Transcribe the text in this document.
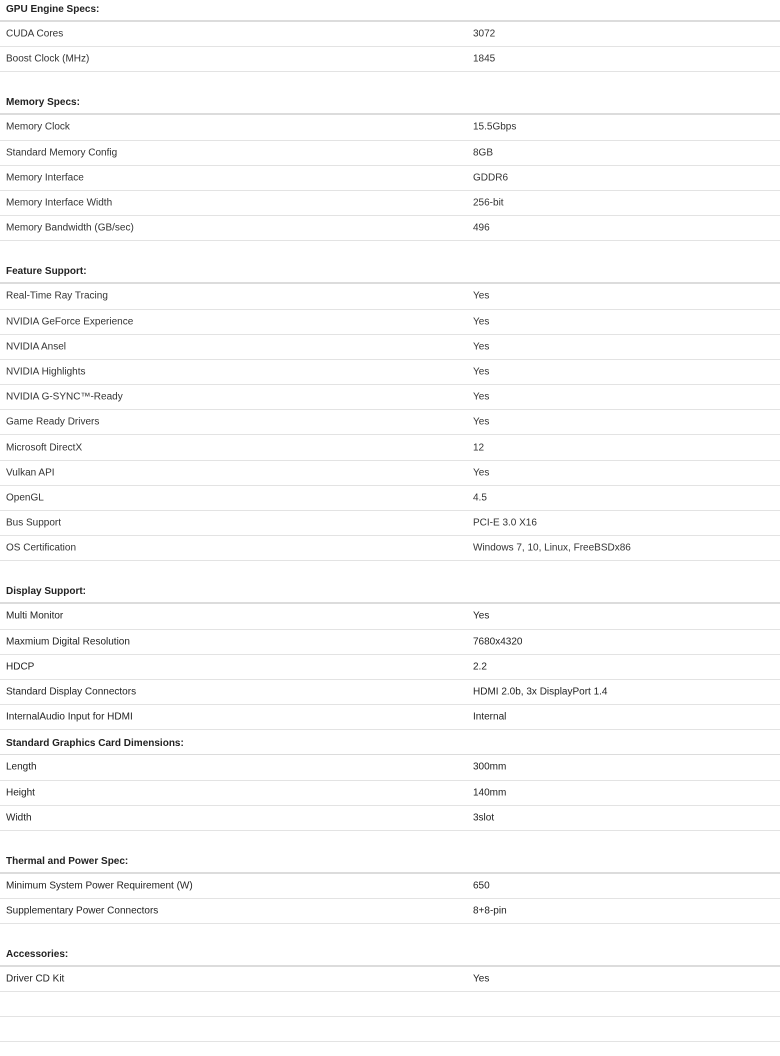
GPU Engine Specs:
CUDA Cores	3072
Boost Clock (MHz)	1845
Memory Specs:
Memory Clock	15.5Gbps
Standard Memory Config	8GB
Memory Interface	GDDR6
Memory Interface Width	256-bit
Memory Bandwidth (GB/sec)	496
Feature Support:
Real-Time Ray Tracing	Yes
NVIDIA GeForce Experience	Yes
NVIDIA Ansel	Yes
NVIDIA Highlights	Yes
NVIDIA G-SYNC™-Ready	Yes
Game Ready Drivers	Yes
Microsoft DirectX	12
Vulkan API	Yes
OpenGL	4.5
Bus Support	PCI-E 3.0 X16
OS Certification	Windows 7, 10, Linux, FreeBSDx86
Display Support:
Multi Monitor	Yes
Maxmium Digital Resolution	7680x4320
HDCP	2.2
Standard Display Connectors	HDMI 2.0b, 3x DisplayPort 1.4
InternalAudio Input for HDMI	Internal
Standard Graphics Card Dimensions:
Length	300mm
Height	140mm
Width	3slot
Thermal and Power Spec:
Minimum System Power Requirement (W)	650
Supplementary Power Connectors	8+8-pin
Accessories:
Driver CD Kit	Yes
